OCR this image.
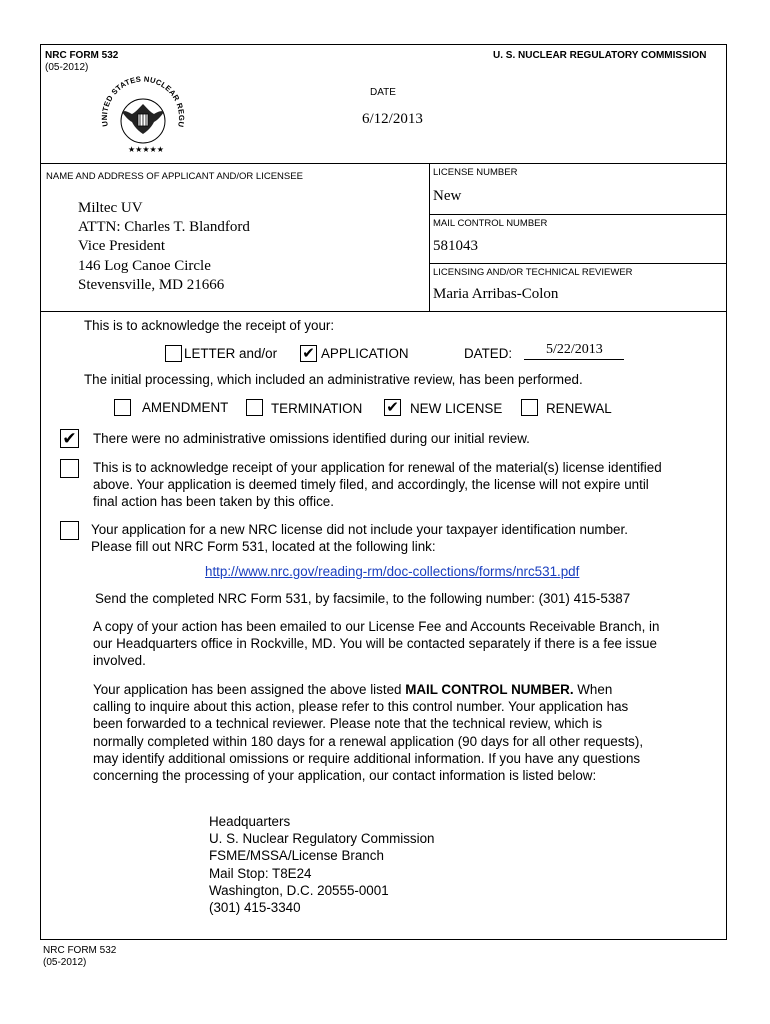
NRC FORM 532
(05-2012)
U. S. NUCLEAR REGULATORY COMMISSION
UNITED STATES NUCLEAR REGU
★★★★★
DATE
6/12/2013
NAME AND ADDRESS OF APPLICANT AND/OR LICENSEE
Miltec UV
ATTN: Charles T. Blandford
Vice President
146 Log Canoe Circle
Stevensville, MD 21666
LICENSE NUMBER
New
MAIL CONTROL NUMBER
581043
LICENSING AND/OR TECHNICAL REVIEWER
Maria Arribas-Colon
This is to acknowledge the receipt of your:
LETTER and/or ✔ APPLICATION	DATED: 5/22/2013
The initial processing, which included an administrative review, has been performed.
AMENDMENT	TERMINATION ✔ NEW LICENSE	RENEWAL
✔ There were no administrative omissions identified during our initial review.
This is to acknowledge receipt of your application for renewal of the material(s) license identified
above. Your application is deemed timely filed, and accordingly, the license will not expire until
final action has been taken by this office.
Your application for a new NRC license did not include your taxpayer identification number.
Please fill out NRC Form 531, located at the following link:
http://www.nrc.gov/reading-rm/doc-collections/forms/nrc531.pdf
Send the completed NRC Form 531, by facsimile, to the following number: (301) 415-5387
A copy of your action has been emailed to our License Fee and Accounts Receivable Branch, in
our Headquarters office in Rockville, MD. You will be contacted separately if there is a fee issue
involved.
Your application has been assigned the above listed MAIL CONTROL NUMBER. When
calling to inquire about this action, please refer to this control number. Your application has
been forwarded to a technical reviewer. Please note that the technical review, which is
normally completed within 180 days for a renewal application (90 days for all other requests),
may identify additional omissions or require additional information. If you have any questions
concerning the processing of your application, our contact information is listed below:
Headquarters
U. S. Nuclear Regulatory Commission
FSME/MSSA/License Branch
Mail Stop: T8E24
Washington, D.C. 20555-0001
(301) 415-3340
NRC FORM 532
(05-2012)
